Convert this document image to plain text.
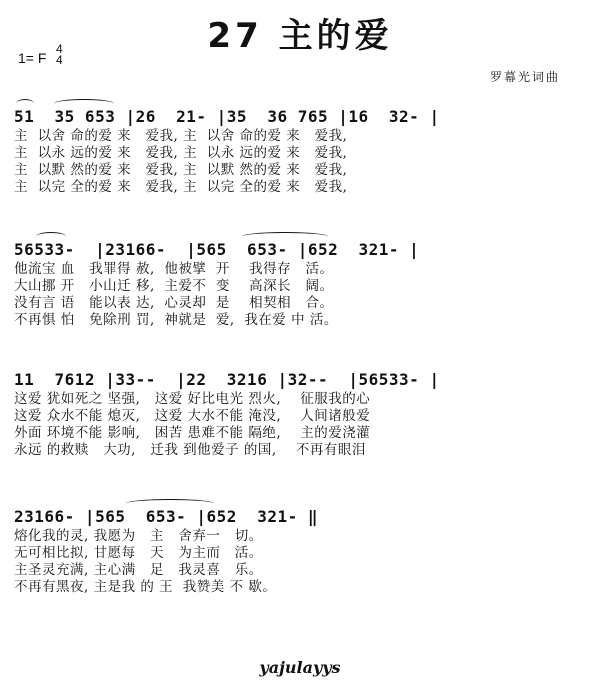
27 主的爱
1= F
4
4
罗幕光词曲
51  35 653 |26  21- |35  36 765 |16  32- |
主  以舍 命的爱 来   爱我, 主  以舍 命的爱 来   爱我,
主  以永 远的爱 来   爱我, 主  以永 远的爱 来   爱我,
主  以默 然的爱 来   爱我, 主  以默 然的爱 来   爱我,
主  以完 全的爱 来   爱我, 主  以完 全的爱 来   爱我,
56533-  |23166-  |565  653- |652  321- |
他流宝 血   我罪得 赦,  他被擘  开    我得存   活。
大山挪 开   小山迁 移,  主爱不  变    高深长   阔。
没有言 语   能以表 达,  心灵却  是    相契相   合。
不再惧 怕   免除刑 罚,  神就是  爱,  我在爱 中 活。
11  7612 |33--  |22  3216 |32--  |56533- |
这爱 犹如死之 坚强,   这爱 好比电光 烈火,    征服我的心
这爱 众水不能 熄灭,   这爱 大水不能 淹没,    人间诸般爱
外面 环境不能 影响,   困苦 患难不能 隔绝,    主的爱浇灌
永远 的救赎   大功,   迁我 到他爱子 的国,    不再有眼泪
23166- |565  653- |652  321- ‖
熔化我的灵, 我愿为   主   舍弃一   切。
无可相比拟, 甘愿每   天   为主而   活。
主圣灵充满, 主心满   足   我灵喜   乐。
不再有黑夜, 主是我 的 王  我赞美 不 歇。
yajulayys
